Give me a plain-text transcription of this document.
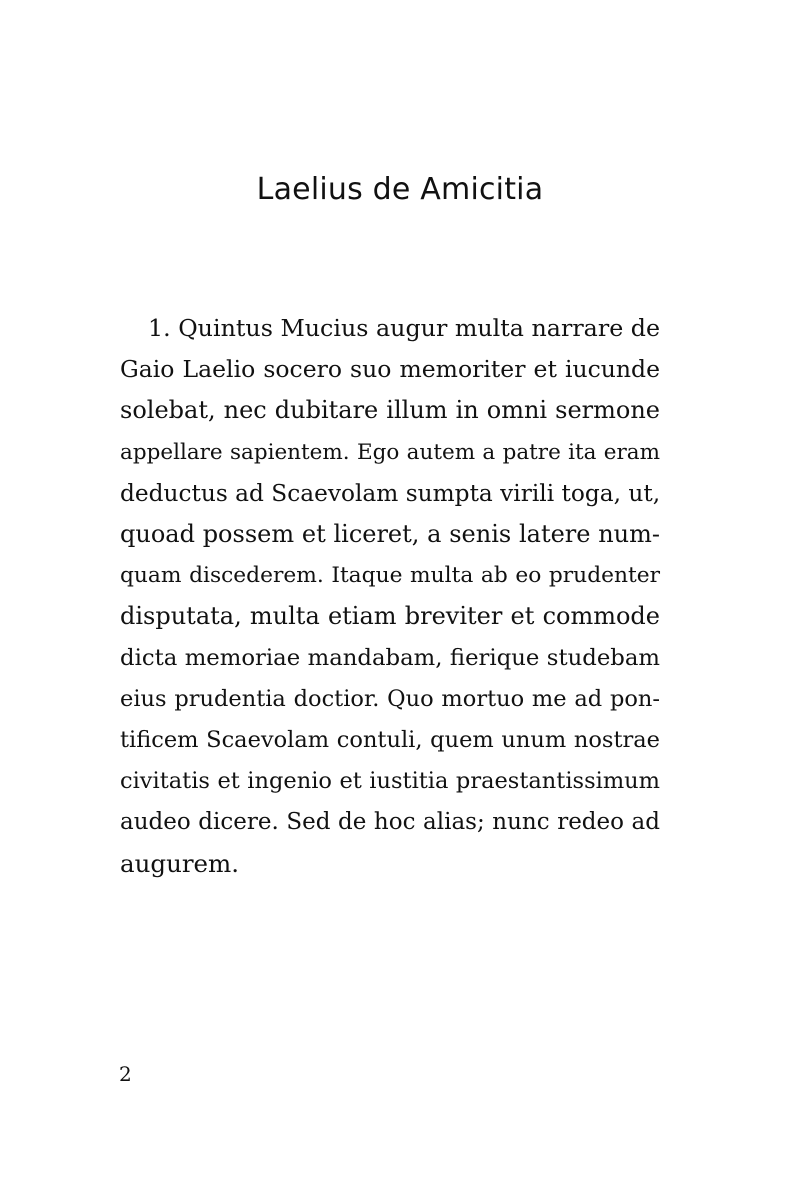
Laelius de Amicitia
1. Quintus Mucius augur multa narrare de
Gaio Laelio socero suo memoriter et iucunde
solebat, nec dubitare illum in omni sermone
appellare sapientem. Ego autem a patre ita eram
deductus ad Scaevolam sumpta virili toga, ut,
quoad possem et liceret, a senis latere num-
quam discederem. Itaque multa ab eo prudenter
disputata, multa etiam breviter et commode
dicta memoriae mandabam, fierique studebam
eius prudentia doctior. Quo mortuo me ad pon-
tificem Scaevolam contuli, quem unum nostrae
civitatis et ingenio et iustitia praestantissimum
audeo dicere. Sed de hoc alias; nunc redeo ad
augurem.
2
